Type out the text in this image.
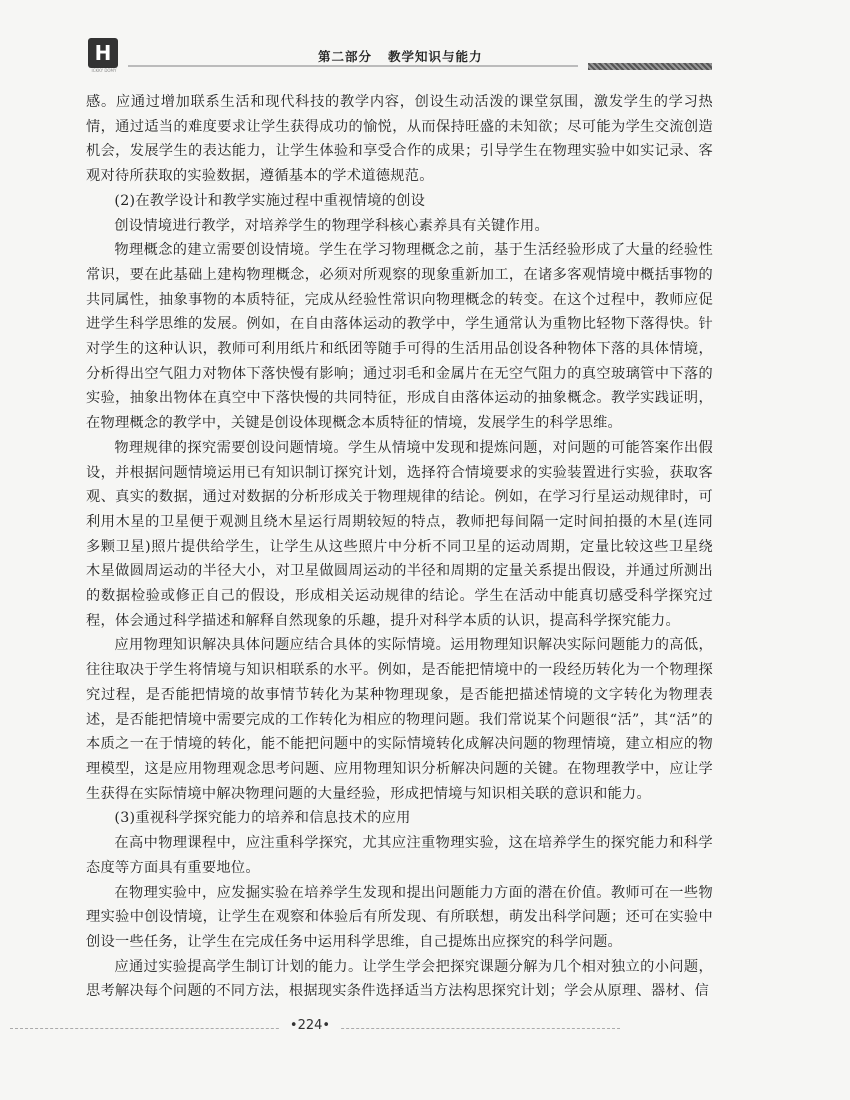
H
ICKKY DOMY
第二部分   教学知识与能力

感。应通过增加联系生活和现代科技的教学内容，创设生动活泼的课堂氛围，激发学生的学习热情，通过适当的难度要求让学生获得成功的愉悦，从而保持旺盛的未知欲；尽可能为学生交流创造机会，发展学生的表达能力，让学生体验和享受合作的成果；引导学生在物理实验中如实记录、客观对待所获取的实验数据，遵循基本的学术道德规范。

(2)在教学设计和教学实施过程中重视情境的创设

创设情境进行教学，对培养学生的物理学科核心素养具有关键作用。

物理概念的建立需要创设情境。学生在学习物理概念之前，基于生活经验形成了大量的经验性常识，要在此基础上建构物理概念，必须对所观察的现象重新加工，在诸多客观情境中概括事物的共同属性，抽象事物的本质特征，完成从经验性常识向物理概念的转变。在这个过程中，教师应促进学生科学思维的发展。例如，在自由落体运动的教学中，学生通常认为重物比轻物下落得快。针对学生的这种认识，教师可利用纸片和纸团等随手可得的生活用品创设各种物体下落的具体情境，分析得出空气阻力对物体下落快慢有影响；通过羽毛和金属片在无空气阻力的真空玻璃管中下落的实验，抽象出物体在真空中下落快慢的共同特征，形成自由落体运动的抽象概念。教学实践证明，在物理概念的教学中，关键是创设体现概念本质特征的情境，发展学生的科学思维。

物理规律的探究需要创设问题情境。学生从情境中发现和提炼问题，对问题的可能答案作出假设，并根据问题情境运用已有知识制订探究计划，选择符合情境要求的实验装置进行实验，获取客观、真实的数据，通过对数据的分析形成关于物理规律的结论。例如，在学习行星运动规律时，可利用木星的卫星便于观测且绕木星运行周期较短的特点，教师把每间隔一定时间拍摄的木星(连同多颗卫星)照片提供给学生，让学生从这些照片中分析不同卫星的运动周期，定量比较这些卫星绕木星做圆周运动的半径大小，对卫星做圆周运动的半径和周期的定量关系提出假设，并通过所测出的数据检验或修正自己的假设，形成相关运动规律的结论。学生在活动中能真切感受科学探究过程，体会通过科学描述和解释自然现象的乐趣，提升对科学本质的认识，提高科学探究能力。

应用物理知识解决具体问题应结合具体的实际情境。运用物理知识解决实际问题能力的高低，往往取决于学生将情境与知识相联系的水平。例如，是否能把情境中的一段经历转化为一个物理探究过程，是否能把情境的故事情节转化为某种物理现象，是否能把描述情境的文字转化为物理表述，是否能把情境中需要完成的工作转化为相应的物理问题。我们常说某个问题很“活”，其“活”的本质之一在于情境的转化，能不能把问题中的实际情境转化成解决问题的物理情境，建立相应的物理模型，这是应用物理观念思考问题、应用物理知识分析解决问题的关键。在物理教学中，应让学生获得在实际情境中解决物理问题的大量经验，形成把情境与知识相关联的意识和能力。

(3)重视科学探究能力的培养和信息技术的应用

在高中物理课程中，应注重科学探究，尤其应注重物理实验，这在培养学生的探究能力和科学态度等方面具有重要地位。

在物理实验中，应发掘实验在培养学生发现和提出问题能力方面的潜在价值。教师可在一些物理实验中创设情境，让学生在观察和体验后有所发现、有所联想，萌发出科学问题；还可在实验中创设一些任务，让学生在完成任务中运用科学思维，自己提炼出应探究的科学问题。

应通过实验提高学生制订计划的能力。让学生学会把探究课题分解为几个相对独立的小问题，思考解决每个问题的不同方法，根据现实条件选择适当方法构思探究计划；学会从原理、器材、信

•224•
